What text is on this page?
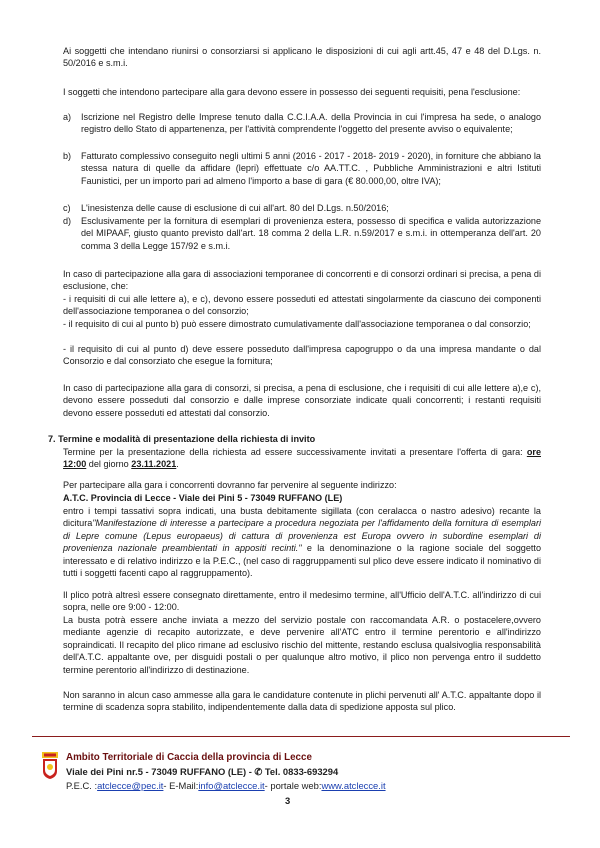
Ai soggetti che intendano riunirsi o consorziarsi si applicano le disposizioni di cui agli artt.45, 47 e 48 del D.Lgs. n. 50/2016 e s.m.i.

I soggetti che intendono partecipare alla gara devono essere in possesso dei seguenti requisiti, pena l'esclusione:

a) Iscrizione nel Registro delle Imprese tenuto dalla C.C.I.A.A. della Provincia in cui l'impresa ha sede, o analogo registro dello Stato di appartenenza, per l'attività comprendente l'oggetto del presente avviso o equivalente;
b) Fatturato complessivo conseguito negli ultimi 5 anni (2016 - 2017 - 2018- 2019 - 2020), in forniture che abbiano la stessa natura di quelle da affidare (lepri) effettuate c/o AA.TT.C. , Pubbliche Amministrazioni e altri Istituti Faunistici, per un importo pari ad almeno l'importo a base di gara (€ 80.000,00, oltre IVA);
c) L'inesistenza delle cause di esclusione di cui all'art. 80 del D.Lgs. n.50/2016;
d) Esclusivamente per la fornitura di esemplari di provenienza estera, possesso di specifica e valida autorizzazione del MIPAAF, giusto quanto previsto dall'art. 18 comma 2 della L.R. n.59/2017 e s.m.i. in ottemperanza dell'art. 20 comma 3 della Legge 157/92 e s.m.i.

In caso di partecipazione alla gara di associazioni temporanee di concorrenti e di consorzi ordinari si precisa, a pena di esclusione, che:

- i requisiti di cui alle lettere a), e c), devono essere posseduti ed attestati singolarmente da ciascuno dei componenti dell'associazione temporanea o del consorzio;

- il requisito di cui al punto b) può essere dimostrato cumulativamente dall'associazione temporanea o dal consorzio;

- il requisito di cui al punto d) deve essere posseduto dall'impresa capogruppo o da una impresa mandante o dal Consorzio e dal consorziato che esegue la fornitura;

In caso di partecipazione alla gara di consorzi, si precisa, a pena di esclusione, che i requisiti di cui alle lettere a),e c), devono essere posseduti dal consorzio e dalle imprese consorziate indicate quali concorrenti; i restanti requisiti devono essere posseduti ed attestati dal consorzio.

7. Termine e modalità di presentazione della richiesta di invito

Termine per la presentazione della richiesta ad essere successivamente invitati a presentare l'offerta di gara: ore 12:00 del giorno 23.11.2021.

Per partecipare alla gara i concorrenti dovranno far pervenire al seguente indirizzo:

A.T.C. Provincia di Lecce - Viale dei Pini 5 - 73049 RUFFANO (LE)

entro i tempi tassativi sopra indicati, una busta debitamente sigillata (con ceralacca o nastro adesivo) recante la dicitura"Manifestazione di interesse a partecipare a procedura negoziata per l'affidamento della fornitura di esemplari di Lepre comune (Lepus europaeus) di cattura di provenienza est Europa ovvero in subordine esemplari di provenienza nazionale preambientati in appositi recinti." e la denominazione o la ragione sociale del soggetto interessato e di relativo indirizzo e la P.E.C., (nel caso di raggruppamenti sul plico deve essere indicato il nominativo di tutti i soggetti facenti capo al raggruppamento).

Il plico potrà altresì essere consegnato direttamente, entro il medesimo termine, all'Ufficio dell'A.T.C. all'indirizzo di cui sopra, nelle ore 9:00 - 12:00.

La busta potrà essere anche inviata a mezzo del servizio postale con raccomandata A.R. o postacelere,ovvero mediante agenzie di recapito autorizzate, e deve pervenire all'ATC entro il termine perentorio e all'indirizzo sopraindicati. Il recapito del plico rimane ad esclusivo rischio del mittente, restando esclusa qualsivoglia responsabilità dell'A.T.C. appaltante ove, per disguidi postali o per qualunque altro motivo, il plico non pervenga entro il suddetto termine perentorio all'indirizzo di destinazione.

Non saranno in alcun caso ammesse alla gara le candidature contenute in plichi pervenuti all' A.T.C. appaltante dopo il termine di scadenza sopra stabilito, indipendentemente dalla data di spedizione apposta sul plico.

Ambito Territoriale di Caccia della provincia di Lecce
Viale dei Pini nr.5 - 73049 RUFFANO (LE) - ✆ Tel. 0833-693294
P.E.C. :atclecce@pec.it- E-Mail:info@atclecce.it- portale web:www.atclecce.it
3
